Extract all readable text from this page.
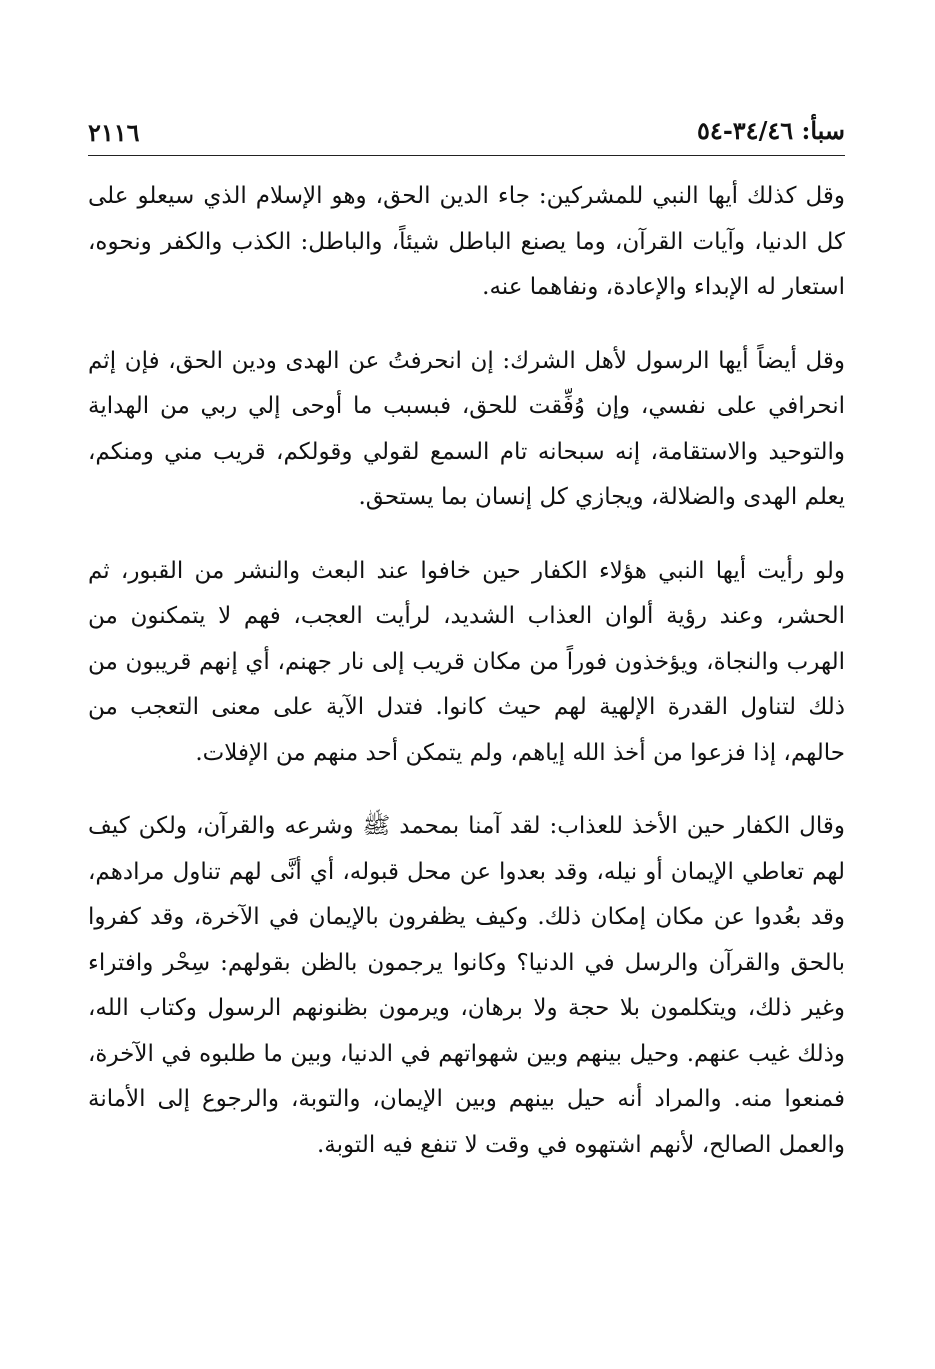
سبأ: ٣٤/٤٦-٥٤
٢١١٦

وقل كذلك أيها النبي للمشركين: جاء الدين الحق، وهو الإسلام الذي سيعلو على كل الدنيا، وآيات القرآن، وما يصنع الباطل شيئاً، والباطل: الكذب والكفر ونحوه، استعار له الإبداء والإعادة، ونفاهما عنه.

وقل أيضاً أيها الرسول لأهل الشرك: إن انحرفتُ عن الهدى ودين الحق، فإن إثم انحرافي على نفسي، وإن وُفِّقت للحق، فبسبب ما أوحى إلي ربي من الهداية والتوحيد والاستقامة، إنه سبحانه تام السمع لقولي وقولكم، قريب مني ومنكم، يعلم الهدى والضلالة، ويجازي كل إنسان بما يستحق.

ولو رأيت أيها النبي هؤلاء الكفار حين خافوا عند البعث والنشر من القبور، ثم الحشر، وعند رؤية ألوان العذاب الشديد، لرأيت العجب، فهم لا يتمكنون من الهرب والنجاة، ويؤخذون فوراً من مكان قريب إلى نار جهنم، أي إنهم قريبون من ذلك لتناول القدرة الإلهية لهم حيث كانوا. فتدل الآية على معنى التعجب من حالهم، إذا فزعوا من أخذ الله إياهم، ولم يتمكن أحد منهم من الإفلات.

وقال الكفار حين الأخذ للعذاب: لقد آمنا بمحمد ﷺ وشرعه والقرآن، ولكن كيف لهم تعاطي الإيمان أو نيله، وقد بعدوا عن محل قبوله، أي أنَّى لهم تناول مرادهم، وقد بعُدوا عن مكان إمكان ذلك. وكيف يظفرون بالإيمان في الآخرة، وقد كفروا بالحق والقرآن والرسل في الدنيا؟ وكانوا يرجمون بالظن بقولهم: سِحْر وافتراء وغير ذلك، ويتكلمون بلا حجة ولا برهان، ويرمون بظنونهم الرسول وكتاب الله، وذلك غيب عنهم. وحيل بينهم وبين شهواتهم في الدنيا، وبين ما طلبوه في الآخرة، فمنعوا منه. والمراد أنه حيل بينهم وبين الإيمان، والتوبة، والرجوع إلى الأمانة والعمل الصالح، لأنهم اشتهوه في وقت لا تنفع فيه التوبة.
